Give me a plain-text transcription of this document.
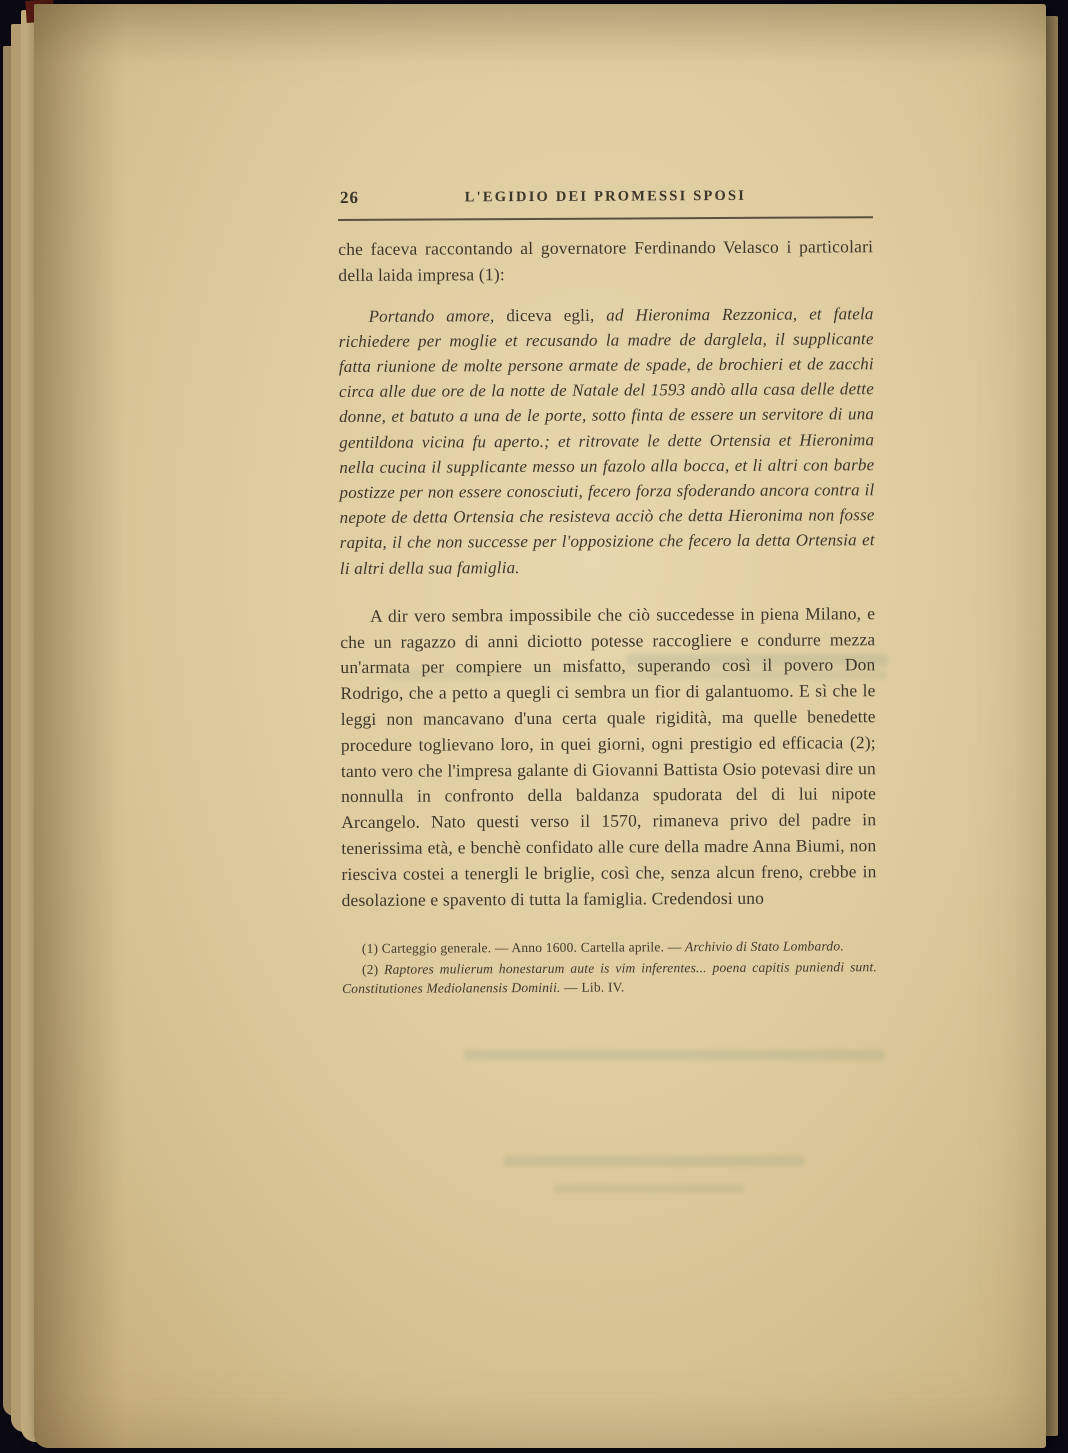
26	L'EGIDIO DEI PROMESSI SPOSI

che faceva raccontando al governatore Ferdinando Velasco i particolari della laida impresa (1):

Portando amore, diceva egli, ad Hieronima Rezzonica, et fatela richiedere per moglie et recusando la madre de darglela, il supplicante fatta riunione de molte persone armate de spade, de brochieri et de zacchi circa alle due ore de la notte de Natale del 1593 andò alla casa delle dette donne, et batuto a una de le porte, sotto finta de essere un servitore di una gentildona vicina fu aperto.; et ritrovate le dette Ortensia et Hieronima nella cucina il supplicante messo un fazolo alla bocca, et li altri con barbe postizze per non essere conosciuti, fecero forza sfoderando ancora contra il nepote de detta Ortensia che resisteva acciò che detta Hieronima non fosse rapita, il che non successe per l'opposizione che fecero la detta Ortensia et li altri della sua famiglia.

A dir vero sembra impossibile che ciò succedesse in piena Milano, e che un ragazzo di anni diciotto potesse raccogliere e condurre mezza un'armata per compiere un misfatto, superando così il povero Don Rodrigo, che a petto a quegli ci sembra un fior di galantuomo. E sì che le leggi non mancavano d'una certa quale rigidità, ma quelle benedette procedure toglievano loro, in quei giorni, ogni prestigio ed efficacia (2); tanto vero che l'impresa galante di Giovanni Battista Osio potevasi dire un nonnulla in confronto della baldanza spudorata del di lui nipote Arcangelo. Nato questi verso il 1570, rimaneva privo del padre in tenerissima età, e benchè confidato alle cure della madre Anna Biumi, non riesciva costei a tenergli le briglie, così che, senza alcun freno, crebbe in desolazione e spavento di tutta la famiglia. Credendosi uno

(1) Carteggio generale. — Anno 1600. Cartella aprile. — Archivio di Stato Lombardo.

(2) Raptores mulierum honestarum aute is vim inferentes... poena capitis puniendi sunt. Constitutiones Mediolanensis Dominii. — Lib. IV.
